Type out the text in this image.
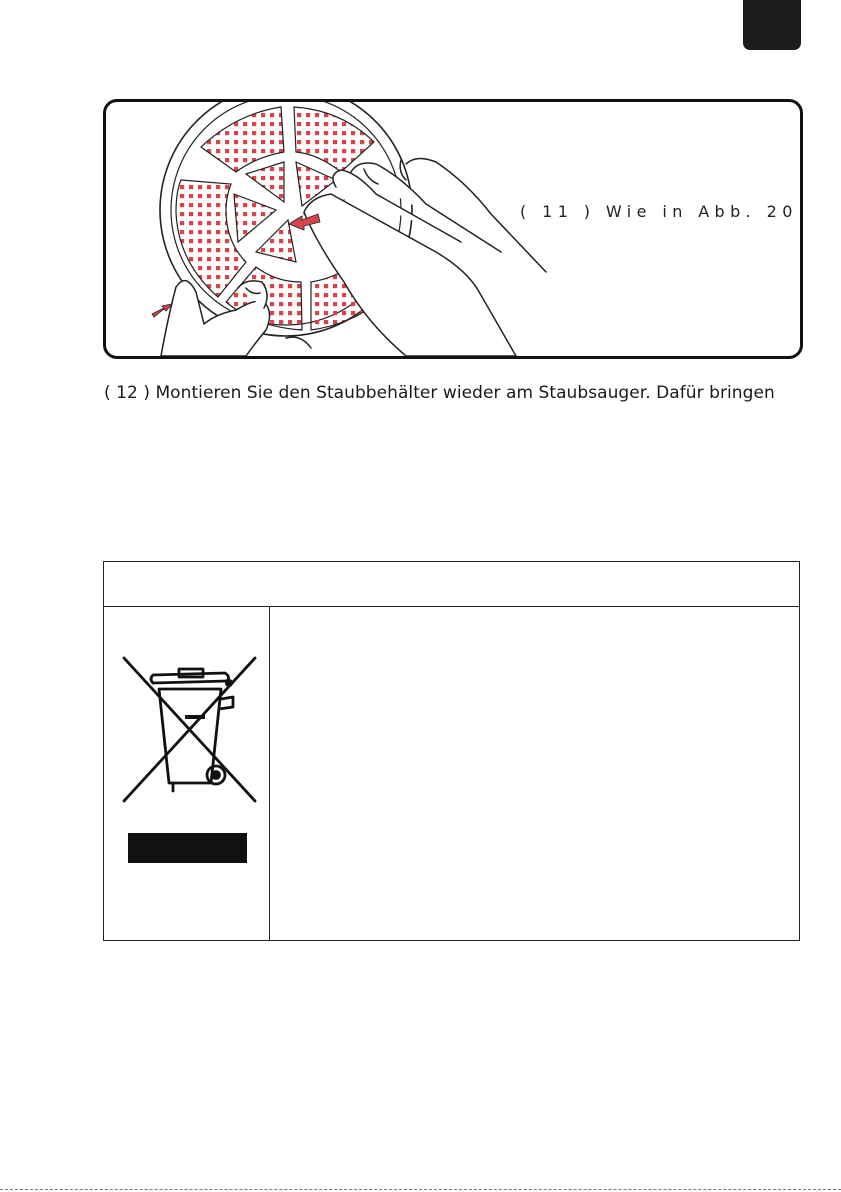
( 11 ) Wie in Abb. 20
( 12 ) Montieren Sie den Staubbehälter wieder am Staubsauger. Dafür bringen
